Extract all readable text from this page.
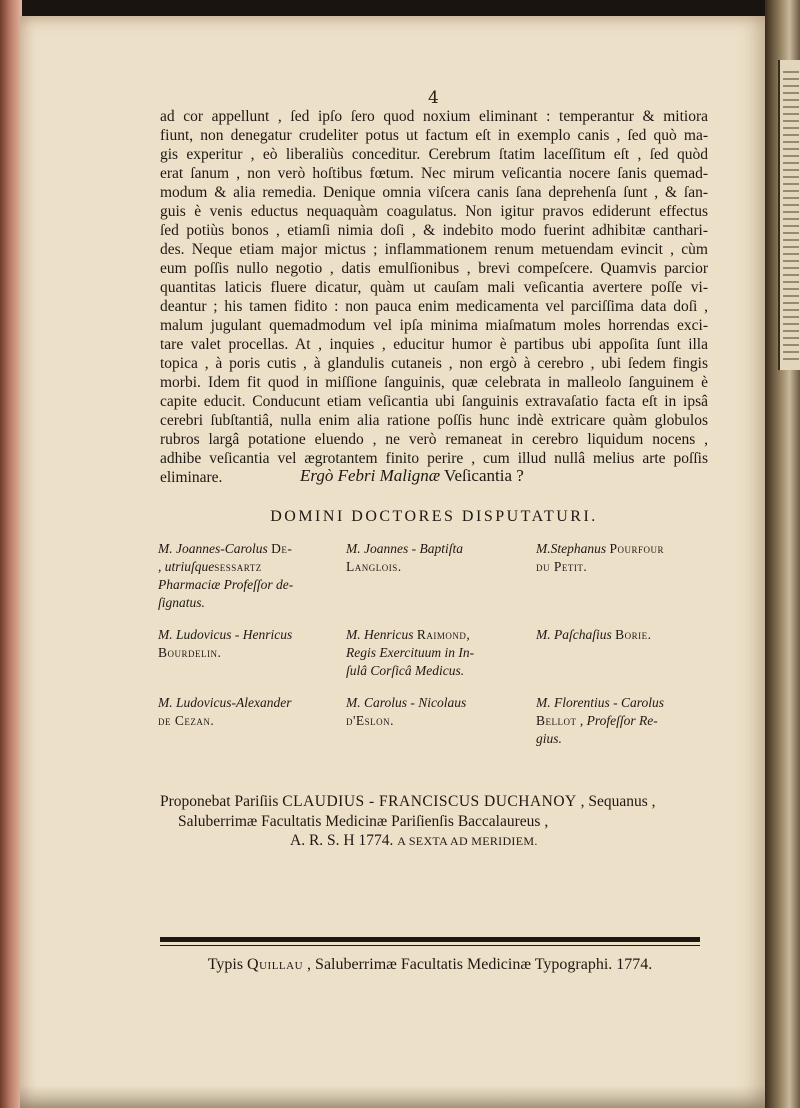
4
ad cor appellunt , ſed ipſo ſero quod noxium eliminant : temperantur & mitiora
fiunt, non denegatur crudeliter potus ut factum eſt in exemplo canis , ſed quò ma-
gis experitur , eò liberaliùs conceditur. Cerebrum ſtatim laceſſitum eſt , ſed quòd
erat ſanum , non verò hoſtibus fœtum. Nec mirum veſicantia nocere ſanis quemad-
modum & alia remedia. Denique omnia viſcera canis ſana deprehenſa ſunt , & ſan-
guis è venis eductus nequaquàm coagulatus. Non igitur pravos ediderunt effectus
ſed potiùs bonos , etiamſi nimia doſi , & indebito modo fuerint adhibitæ canthari-
des. Neque etiam major mictus ; inflammationem renum metuendam evincit , cùm
eum poſſis nullo negotio , datis emulſionibus , brevi compeſcere. Quamvis parcior
quantitas laticis fluere dicatur, quàm ut cauſam mali veſicantia avertere poſſe vi-
deantur ; his tamen fidito : non pauca enim medicamenta vel parciſſima data doſi ,
malum jugulant quemadmodum vel ipſa minima miaſmatum moles horrendas exci-
tare valet procellas. At , inquies , educitur humor è partibus ubi appoſita ſunt illa
topica , à poris cutis , à glandulis cutaneis , non ergò à cerebro , ubi ſedem fingis
morbi. Idem fit quod in miſſione ſanguinis, quæ celebrata in malleolo ſanguinem è
capite educit. Conducunt etiam veſicantia ubi ſanguinis extravaſatio facta eſt in ipsâ
cerebri ſubſtantiâ, nulla enim alia ratione poſſis hunc indè extricare quàm globulos
rubros largâ potatione eluendo , ne verò remaneat in cerebro liquidum nocens ,
adhibe veſicantia vel ægrotantem finito perire , cum illud nullâ melius arte poſſis
eliminare.	Ergò Febri Malignæ Veſicantia ?
DOMINI DOCTORES DISPUTATURI.
M. Joannes-Carolus De-
, utriuſquesessartz
Pharmaciæ Profeſſor de-
ſignatus.
M. Joannes - Baptiſta
Langlois.
M.Stephanus Pourfour
du Petit.
M. Ludovicus - Henricus
Bourdelin.
M. Henricus Raimond,
Regis Exercituum in In-
ſulâ Corſicâ Medicus.
M. Paſchaſius Borie.
M. Ludovicus-Alexander
de Cezan.
M. Carolus - Nicolaus
d'Eslon.
M. Florentius - Carolus
Bellot , Profeſſor Re-
gius.
Proponebat Pariſiis CLAUDIUS - FRANCISCUS DUCHANOY , Sequanus ,
Saluberrimæ Facultatis Medicinæ Pariſienſis Baccalaureus ,
A. R. S. H 1774. A SEXTA AD MERIDIEM.
Typis Quillau , Saluberrimæ Facultatis Medicinæ Typographi. 1774.
